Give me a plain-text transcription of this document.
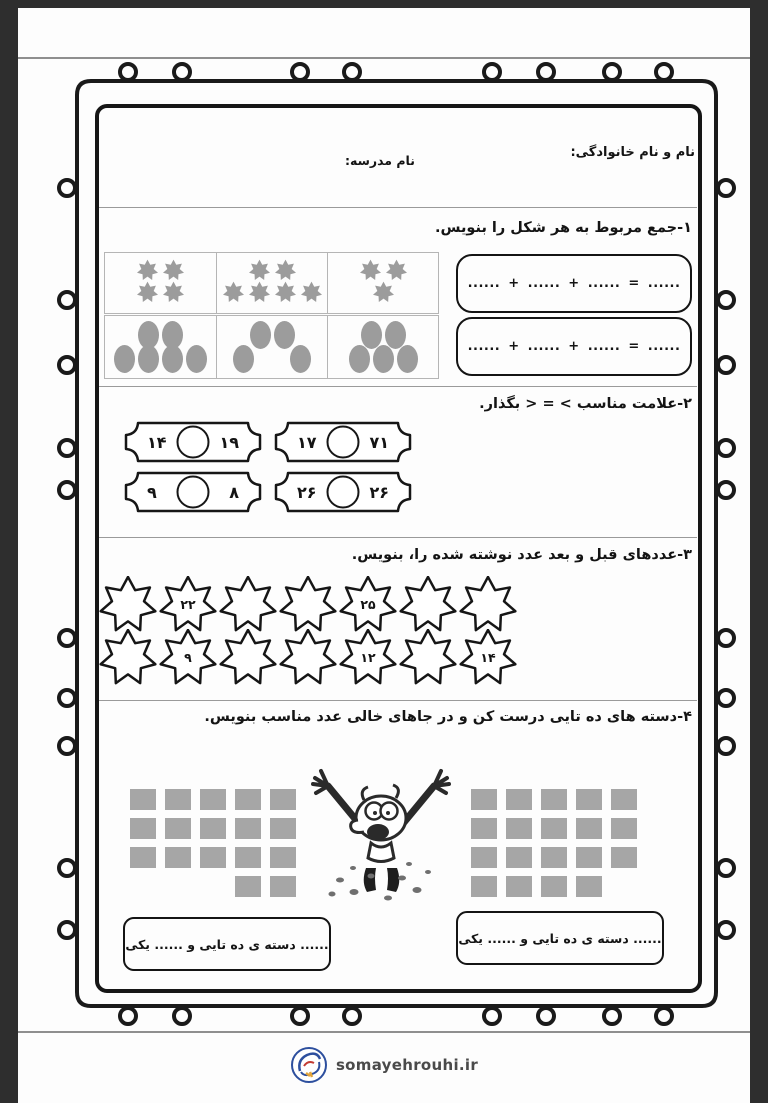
نام و نام خانوادگی:
نام مدرسه:
۱-جمع مربوط به هر شکل را بنویس.
...... + ...... + ...... = ......
...... + ...... + ...... = ......
۲-علامت مناسب ⁦> = <⁩ بگذار.
۱۴	۱۹	۱۷	۷۱
۹	۸	۲۶	۲۶
۳-عددهای قبل و بعد عدد نوشته شده را، بنویس.
۲۲	۲۵
۹	۱۲	۱۴
۴-دسته های ده تایی درست کن و در جاهای خالی عدد مناسب بنویس.
...... دسته ی ده تایی و ...... یکی
...... دسته ی ده تایی و ...... یکی
somayehrouhi.ir
